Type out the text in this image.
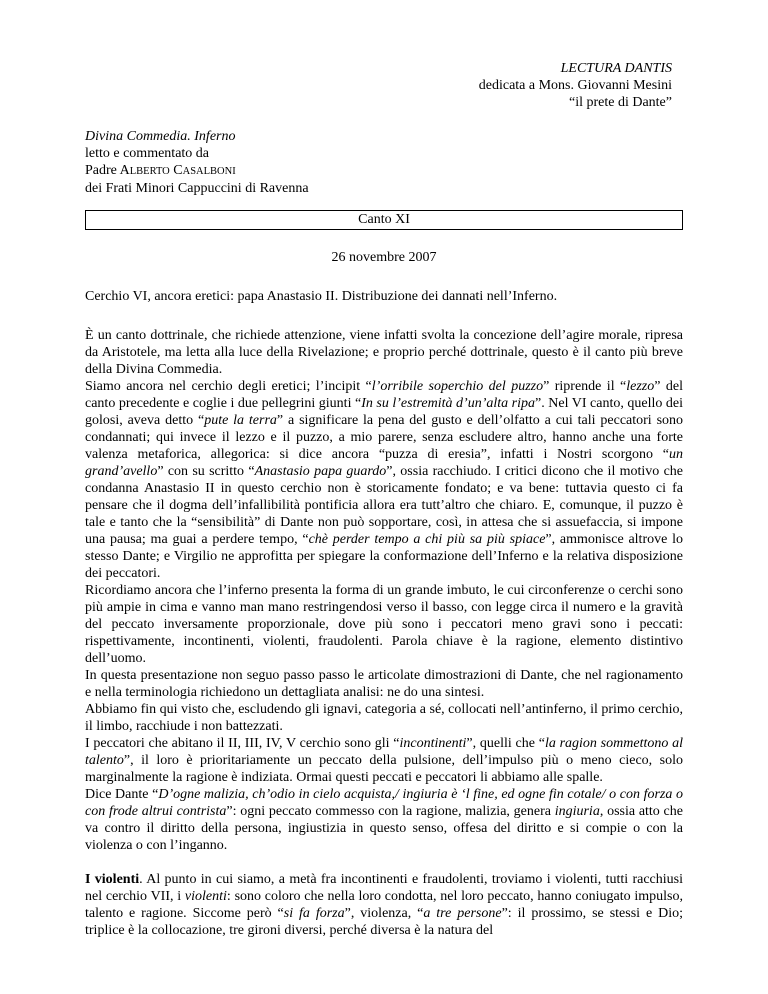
LECTURA DANTIS
dedicata a Mons. Giovanni Mesini
“il prete di Dante”
Divina Commedia. Inferno
letto e commentato da
Padre ALBERTO CASALBONI
dei Frati Minori Cappuccini di Ravenna
Canto XI
26 novembre 2007
Cerchio VI, ancora eretici: papa Anastasio II. Distribuzione dei dannati nell’Inferno.

È un canto dottrinale, che richiede attenzione, viene infatti svolta la concezione dell’agire morale, ripresa da Aristotele, ma letta alla luce della Rivelazione; e proprio perché dottrinale, questo è il canto più breve della Divina Commedia.

Siamo ancora nel cerchio degli eretici; l’incipit “l’orribile soperchio del puzzo” riprende il “lezzo” del canto precedente e coglie i due pellegrini giunti “In su l’estremità d’un’alta ripa”. Nel VI canto, quello dei golosi, aveva detto “pute la terra” a significare la pena del gusto e dell’olfatto a cui tali peccatori sono condannati; qui invece il lezzo e il puzzo, a mio parere, senza escludere altro, hanno anche una forte valenza metaforica, allegorica: si dice ancora “puzza di eresia”, infatti i Nostri scorgono “un grand’avello” con su scritto “Anastasio papa guardo”, ossia racchiudo. I critici dicono che il motivo che condanna Anastasio II in questo cerchio non è storicamente fondato; e va bene: tuttavia questo ci fa pensare che il dogma dell’infallibilità pontificia allora era tutt’altro che chiaro. E, comunque, il puzzo è tale e tanto che la “sensibilità” di Dante non può sopportare, così, in attesa che si assuefaccia, si impone una pausa; ma guai a perdere tempo, “chè perder tempo a chi più sa più spiace”, ammonisce altrove lo stesso Dante; e Virgilio ne approfitta per spiegare la conformazione dell’Inferno e la relativa disposizione dei peccatori.

Ricordiamo ancora che l’inferno presenta la forma di un grande imbuto, le cui circonferenze o cerchi sono più ampie in cima e vanno man mano restringendosi verso il basso, con legge circa il numero e la gravità del peccato inversamente proporzionale, dove più sono i peccatori meno gravi sono i peccati: rispettivamente, incontinenti, violenti, fraudolenti. Parola chiave è la ragione, elemento distintivo dell’uomo.

In questa presentazione non seguo passo passo le articolate dimostrazioni di Dante, che nel ragionamento e nella terminologia richiedono un dettagliata analisi: ne do una sintesi.

Abbiamo fin qui visto che, escludendo gli ignavi, categoria a sé, collocati nell’antinferno, il primo cerchio, il limbo, racchiude i non battezzati.

I peccatori che abitano il II, III, IV, V cerchio sono gli “incontinenti”, quelli che “la ragion sommettono al talento”, il loro è prioritariamente un peccato della pulsione, dell’impulso più o meno cieco, solo marginalmente la ragione è indiziata. Ormai questi peccati e peccatori li abbiamo alle spalle.

Dice Dante “D’ogne malizia, ch’odio in cielo acquista,/ ingiuria è ‘l fine, ed ogne fin cotale/ o con forza o con frode altrui contrista”: ogni peccato commesso con la ragione, malizia, genera ingiuria, ossia atto che va contro il diritto della persona, ingiustizia in questo senso, offesa del diritto e si compie o con la violenza o con l’inganno.

I violenti. Al punto in cui siamo, a metà fra incontinenti e fraudolenti, troviamo i violenti, tutti racchiusi nel cerchio VII, i violenti: sono coloro che nella loro condotta, nel loro peccato, hanno coniugato impulso, talento e ragione. Siccome però “si fa forza”, violenza, “a tre persone”: il prossimo, se stessi e Dio; triplice è la collocazione, tre gironi diversi, perché diversa è la natura del
